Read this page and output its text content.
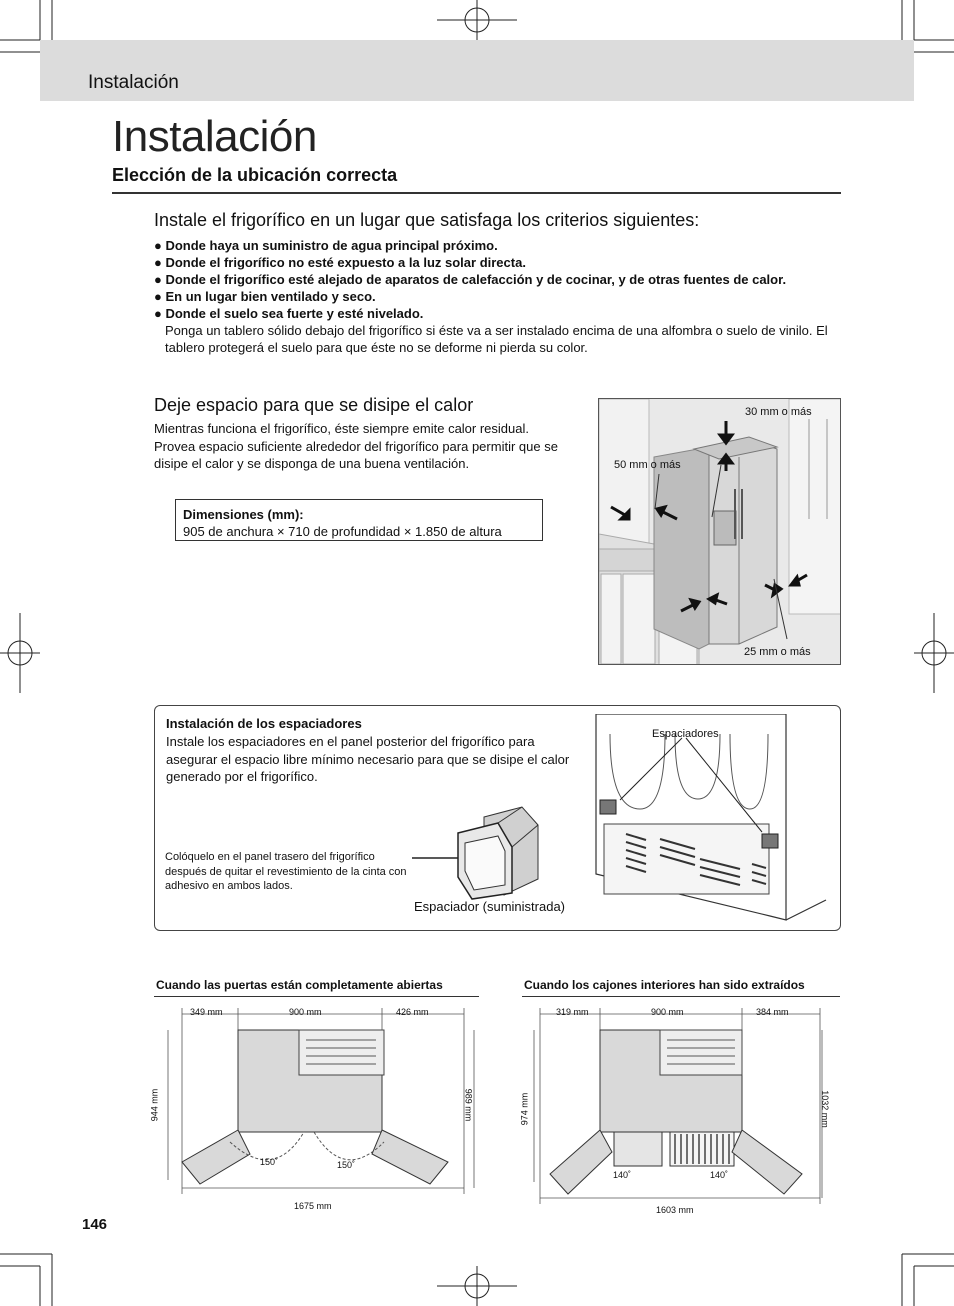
Instalación
Instalación
Elección de la ubicación correcta
Instale el frigorífico en un lugar que satisfaga los criterios siguientes:
● Donde haya un suministro de agua principal próximo.
● Donde el frigorífico no esté expuesto a la luz solar directa.
● Donde el frigorífico esté alejado de aparatos de calefacción y de cocinar, y de otras fuentes de calor.
● En un lugar bien ventilado y seco.
● Donde el suelo sea fuerte y esté nivelado.
Ponga un tablero sólido debajo del frigorífico si éste va a ser instalado encima de una alfombra o suelo de vinilo. El tablero protegerá el suelo para que éste no se deforme ni pierda su color.
Deje espacio para que se disipe el calor
Mientras funciona el frigorífico, éste siempre emite calor residual.
Provea espacio suficiente alrededor del frigorífico para permitir que se disipe el calor y se disponga de una buena ventilación.
Dimensiones (mm):
905 de anchura × 710 de profundidad × 1.850 de altura
30 mm o más
50 mm o más
25 mm o más
Instalación de los espaciadores
Instale los espaciadores en el panel posterior del frigorífico para asegurar el espacio libre mínimo necesario para que se disipe el calor generado por el frigorífico.
Colóquelo en el panel trasero del frigorífico después de quitar el revestimiento de la cinta con adhesivo en ambos lados.
Espaciador (suministrada)
Espaciadores
Cuando las puertas están completamente abiertas	Cuando los cajones interiores han sido extraídos
349 mm	900 mm	426 mm
944 mm	989 mm
1675 mm
150˚	150˚
319 mm	900 mm	384 mm
974 mm	1032 mm
1603 mm
140˚	140˚
146
